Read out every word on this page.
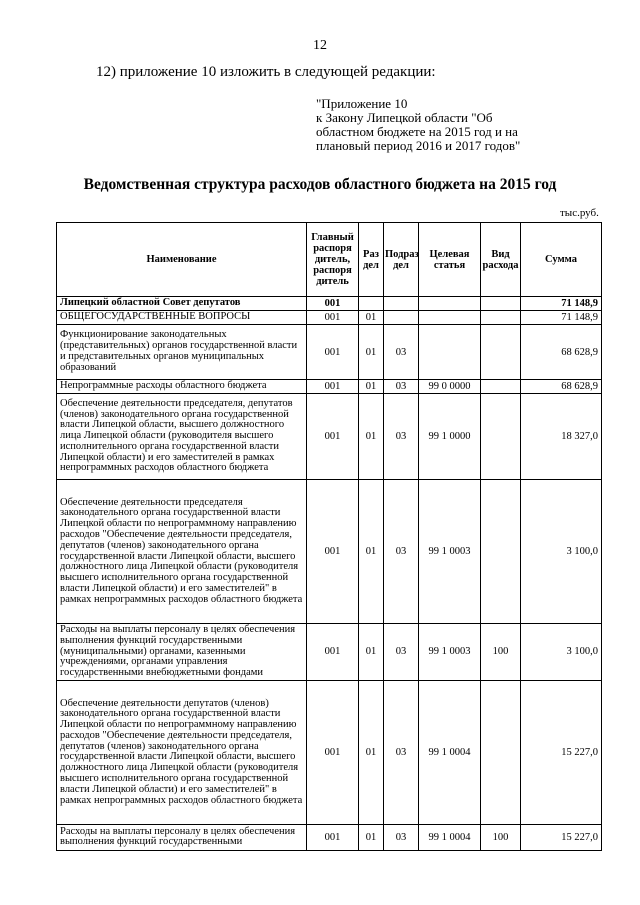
12
12) приложение 10 изложить в следующей редакции:
"Приложение 10
к Закону Липецкой области "Об
областном бюджете на 2015 год и на
плановый период 2016 и 2017 годов"
Ведомственная структура расходов областного бюджета на 2015 год
тыс.руб.
Наименование	Главный распоря дитель, распоря дитель	Раз дел	Подраз дел	Целевая статья	Вид расхода	Сумма
Липецкий областной Совет депутатов	001					71 148,9
ОБЩЕГОСУДАРСТВЕННЫЕ ВОПРОСЫ	001	01				71 148,9
Функционирование законодательных (представительных) органов государственной власти и представительных органов муниципальных образований	001	01	03			68 628,9
Непрограммные расходы областного бюджета	001	01	03	99 0 0000		68 628,9
Обеспечение деятельности председателя, депутатов (членов) законодательного органа государственной власти Липецкой области, высшего должностного лица Липецкой области (руководителя высшего исполнительного органа государственной власти Липецкой области) и его заместителей в рамках непрограммных расходов областного бюджета	001	01	03	99 1 0000		18 327,0
Обеспечение деятельности председателя законодательного органа государственной власти Липецкой области по непрограммному направлению расходов "Обеспечение деятельности председателя, депутатов (членов) законодательного органа государственной власти Липецкой области, высшего должностного лица Липецкой области (руководителя высшего исполнительного органа государственной власти Липецкой области) и его заместителей" в рамках непрограммных расходов областного бюджета	001	01	03	99 1 0003		3 100,0
Расходы на выплаты персоналу в целях обеспечения выполнения функций государственными (муниципальными) органами, казенными учреждениями, органами управления государственными внебюджетными фондами	001	01	03	99 1 0003	100	3 100,0
Обеспечение деятельности депутатов (членов) законодательного органа государственной власти Липецкой области по непрограммному направлению расходов "Обеспечение деятельности председателя, депутатов (членов) законодательного органа государственной власти Липецкой области, высшего должностного лица Липецкой области (руководителя высшего исполнительного органа государственной власти Липецкой области) и его заместителей" в рамках непрограммных расходов областного бюджета	001	01	03	99 1 0004		15 227,0
Расходы на выплаты персоналу в целях обеспечения выполнения функций государственными	001	01	03	99 1 0004	100	15 227,0
